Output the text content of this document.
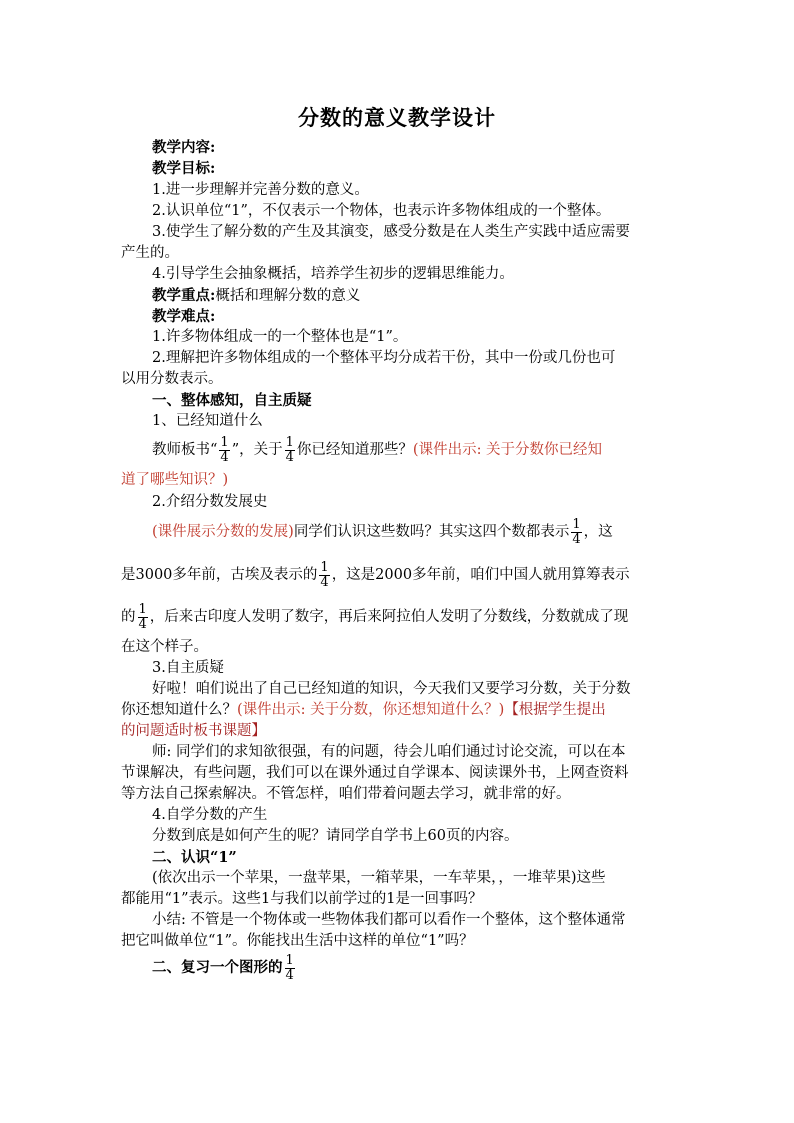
分数的意义教学设计
教学内容:
教学目标:
1.进一步理解并完善分数的意义。
2.认识单位“1”，不仅表示一个物体，也表示许多物体组成的一个整体。
3.使学生了解分数的产生及其演变，感受分数是在人类生产实践中适应需要
产生的。
4.引导学生会抽象概括，培养学生初步的逻辑思维能力。
教学重点:概括和理解分数的意义
教学难点:
1.许多物体组成一的一个整体也是“1”。
2.理解把许多物体组成的一个整体平均分成若干份，其中一份或几份也可
以用分数表示。
一、整体感知，自主质疑
1、已经知道什么
教师板书“ $\frac{1}{4}$ ”，关于 $\frac{1}{4}$ 你已经知道那些？(课件出示: 关于分数你已经知
道了哪些知识？)
2.介绍分数发展史
(课件展示分数的发展)同学们认识这些数吗？其实这四个数都表示 $\frac{1}{4}$ ，这
是3000多年前，古埃及表示的 $\frac{1}{4}$ ，这是2000多年前，咱们中国人就用算筹表示
的 $\frac{1}{4}$ ，后来古印度人发明了数字，再后来阿拉伯人发明了分数线，分数就成了现
在这个样子。
3.自主质疑
好啦！咱们说出了自己已经知道的知识，今天我们又要学习分数，关于分数
你还想知道什么？(课件出示: 关于分数，你还想知道什么？)【根据学生提出
的问题适时板书课题】
师: 同学们的求知欲很强，有的问题，待会儿咱们通过讨论交流，可以在本
节课解决，有些问题，我们可以在课外通过自学课本、阅读课外书，上网查资料
等方法自己探索解决。不管怎样，咱们带着问题去学习，就非常的好。
4.自学分数的产生
分数到底是如何产生的呢？请同学自学书上60页的内容。
二、认识“1”
(依次出示一个苹果，一盘苹果，一箱苹果，一车苹果，，一堆苹果)这些
都能用“1”表示。这些1与我们以前学过的1是一回事吗？
小结: 不管是一个物体或一些物体我们都可以看作一个整体，这个整体通常
把它叫做单位“1”。你能找出生活中这样的单位“1”吗？
二、复习一个图形的 $\frac{1}{4}$
